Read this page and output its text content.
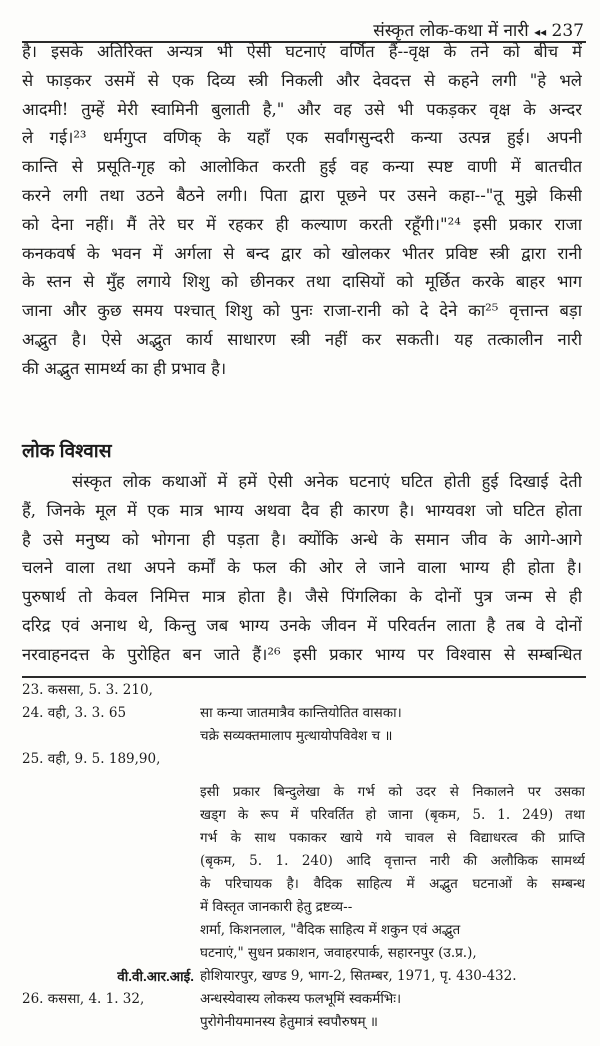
संस्कृत लोक-कथा में नारी ◂◂ 237
है। इसके अतिरिक्त अन्यत्र भी ऐसी घटनाएं वर्णित हैं--वृक्ष के तने को बीच में
से फाड़कर उसमें से एक दिव्य स्त्री निकली और देवदत्त से कहने लगी "हे भले
आदमी! तुम्हें मेरी स्वामिनी बुलाती है," और वह उसे भी पकड़कर वृक्ष के अन्दर
ले गई।²³ धर्मगुप्त वणिक् के यहाँ एक सर्वांगसुन्दरी कन्या उत्पन्न हुई। अपनी
कान्ति से प्रसूति-गृह को आलोकित करती हुई वह कन्या स्पष्ट वाणी में बातचीत
करने लगी तथा उठने बैठने लगी। पिता द्वारा पूछने पर उसने कहा--"तू मुझे किसी
को देना नहीं। मैं तेरे घर में रहकर ही कल्याण करती रहूँगी।"²⁴ इसी प्रकार राजा
कनकवर्ष के भवन में अर्गला से बन्द द्वार को खोलकर भीतर प्रविष्ट स्त्री द्वारा रानी
के स्तन से मुँह लगाये शिशु को छीनकर तथा दासियों को मूर्छित करके बाहर भाग
जाना और कुछ समय पश्चात् शिशु को पुनः राजा-रानी को दे देने का²⁵ वृत्तान्त बड़ा
अद्भुत है। ऐसे अद्भुत कार्य साधारण स्त्री नहीं कर सकती। यह तत्कालीन नारी
की अद्भुत सामर्थ्य का ही प्रभाव है।
लोक विश्वास
संस्कृत लोक कथाओं में हमें ऐसी अनेक घटनाएं घटित होती हुई दिखाई देती
हैं, जिनके मूल में एक मात्र भाग्य अथवा दैव ही कारण है। भाग्यवश जो घटित होता
है उसे मनुष्य को भोगना ही पड़ता है। क्योंकि अन्धे के समान जीव के आगे-आगे
चलने वाला तथा अपने कर्मों के फल की ओर ले जाने वाला भाग्य ही होता है।
पुरुषार्थ तो केवल निमित्त मात्र होता है। जैसे पिंगलिका के दोनों पुत्र जन्म से ही
दरिद्र एवं अनाथ थे, किन्तु जब भाग्य उनके जीवन में परिवर्तन लाता है तब वे दोनों
नरवाहनदत्त के पुरोहित बन जाते हैं।²⁶ इसी प्रकार भाग्य पर विश्वास से सम्बन्धित
23. कससा, 5. 3. 210,
24. वही, 3. 3. 65	सा कन्या जातमात्रैव कान्तियोतित वासका।
चक्रे सव्यक्तमालाप मुत्थायोपविवेश च ॥
25. वही, 9. 5. 189,90,
इसी प्रकार बिन्दुलेखा के गर्भ को उदर से निकालने पर उसका
खड्ग के रूप में परिवर्तित हो जाना (बृकम, 5. 1. 249) तथा
गर्भ के साथ पकाकर खाये गये चावल से विद्याधरत्व की प्राप्ति
(बृकम, 5. 1. 240) आदि वृत्तान्त नारी की अलौकिक सामर्थ्य
के परिचायक है। वैदिक साहित्य में अद्भुत घटनाओं के सम्बन्ध
में विस्तृत जानकारी हेतु द्रष्टव्य--
शर्मा, किशनलाल, "वैदिक साहित्य में शकुन एवं अद्भुत
घटनाएं," सुधन प्रकाशन, जवाहरपार्क, सहारनपुर (उ.प्र.),
होशियारपुर, खण्ड 9, भाग-2, सितम्बर, 1971, पृ. 430-432.
वी.वी.आर.आई.
26. कससा, 4. 1. 32,	अन्धस्येवास्य लोकस्य फलभूमिं स्वकर्मभिः।
पुरोगेनीयमानस्य हेतुमात्रं स्वपौरुषम् ॥
